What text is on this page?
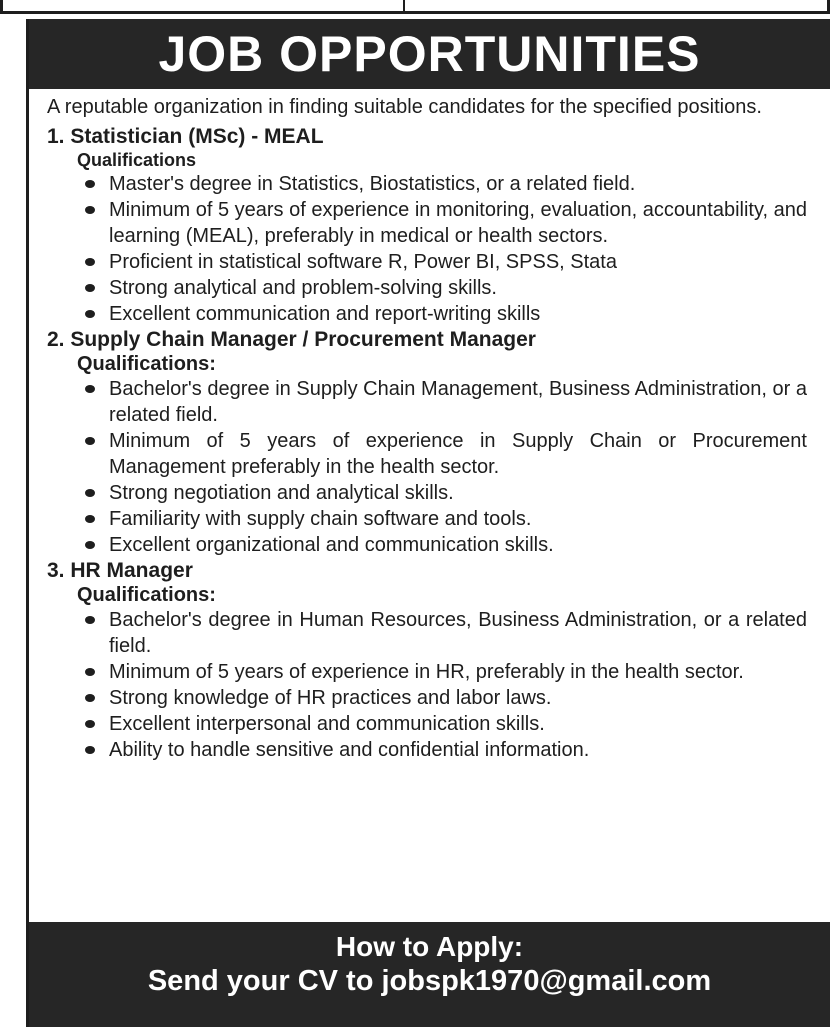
JOB OPPORTUNITIES

A reputable organization in finding suitable candidates for the specified positions.

1. Statistician (MSc) - MEAL

Qualifications

Master's degree in Statistics, Biostatistics, or a related field.
Minimum of 5 years of experience in monitoring, evaluation, accountability, and learning (MEAL), preferably in medical or health sectors.
Proficient in statistical software R, Power BI, SPSS, Stata
Strong analytical and problem-solving skills.
Excellent communication and report-writing skills

2. Supply Chain Manager / Procurement Manager

Qualifications:

Bachelor's degree in Supply Chain Management, Business Administration, or a related field.
Minimum of 5 years of experience in Supply Chain or Procurement Management preferably in the health sector.
Strong negotiation and analytical skills.
Familiarity with supply chain software and tools.
Excellent organizational and communication skills.

3. HR Manager

Qualifications:

Bachelor's degree in Human Resources, Business Administration, or a related field.
Minimum of 5 years of experience in HR, preferably in the health sector.
Strong knowledge of HR practices and labor laws.
Excellent interpersonal and communication skills.
Ability to handle sensitive and confidential information.
How to Apply:
Send your CV to jobspk1970@gmail.com
